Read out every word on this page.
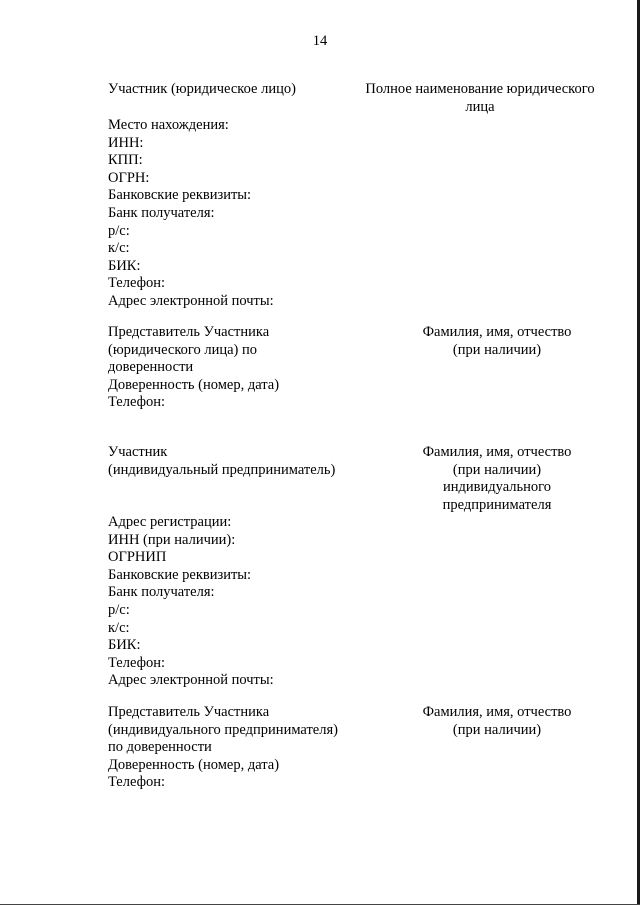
14
Участник (юридическое лицо)	Полное наименование юридического
лица
Место нахождения:
ИНН:
КПП:
ОГРН:
Банковские реквизиты:
Банк получателя:
р/с:
к/с:
БИК:
Телефон:
Адрес электронной почты:
Представитель Участника
(юридического лица) по
доверенности
Доверенность (номер, дата)
Телефон:
Фамилия, имя, отчество
(при наличии)
Участник
(индивидуальный предприниматель)
Фамилия, имя, отчество
(при наличии)
индивидуального
предпринимателя
Адрес регистрации:
ИНН (при наличии):
ОГРНИП
Банковские реквизиты:
Банк получателя:
р/с:
к/с:
БИК:
Телефон:
Адрес электронной почты:
Представитель Участника
(индивидуального предпринимателя)
по доверенности
Доверенность (номер, дата)
Телефон:
Фамилия, имя, отчество
(при наличии)
